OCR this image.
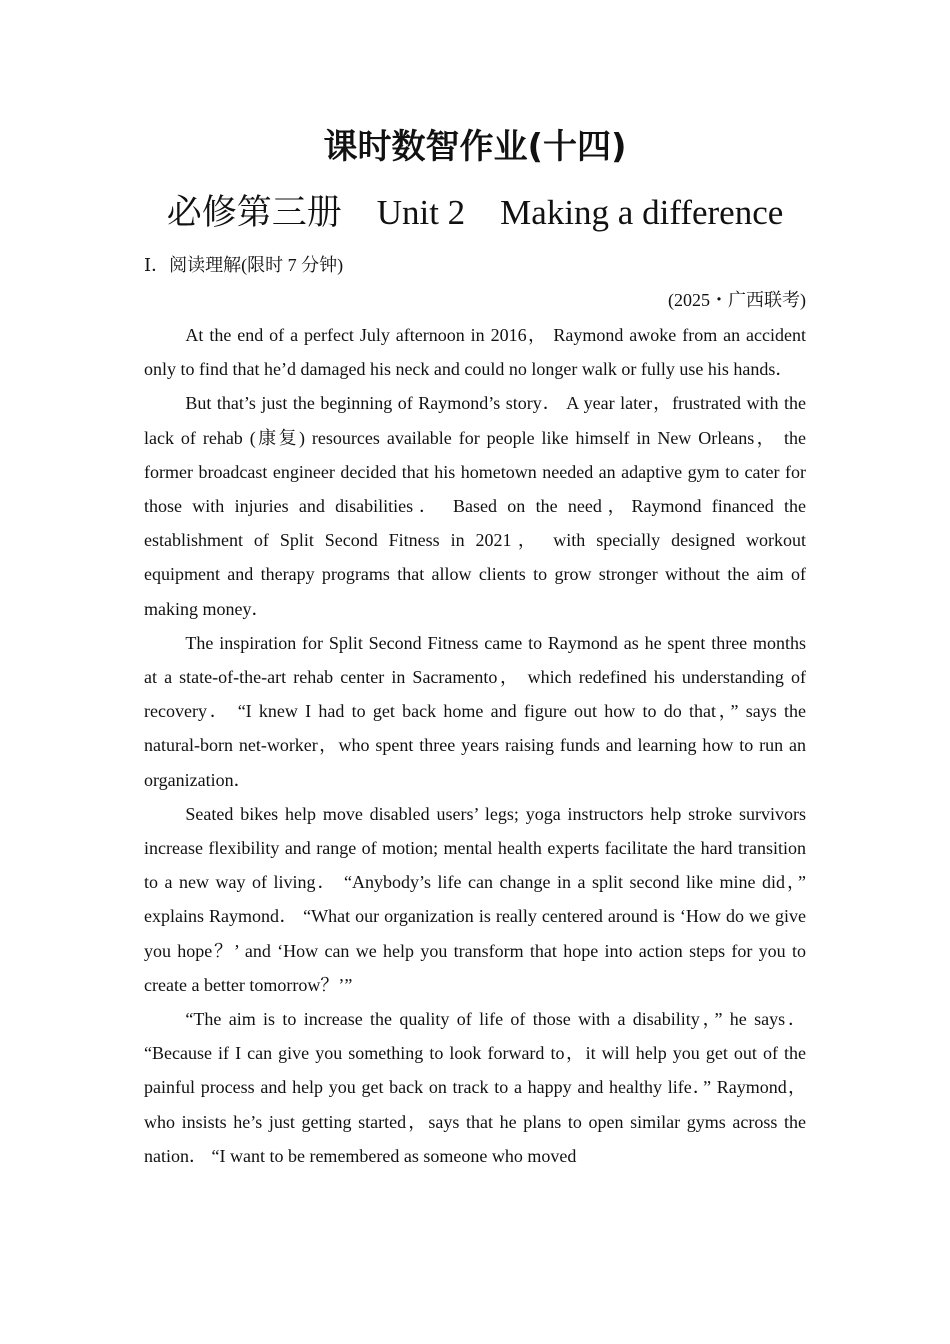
课时数智作业(十四)
必修第三册    Unit 2    Making a difference
Ⅰ．阅读理解(限时 7 分钟)
(2025・广西联考)

At the end of a perfect July afternoon in 2016， Raymond awoke from an accident only to find that he’d damaged his neck and could no longer walk or fully use his hands．

But that’s just the beginning of Raymond’s story． A year later，frustrated with the lack of rehab (康复) resources available for people like himself in New Orleans， the former broadcast engineer decided that his hometown needed an adaptive gym to cater for those with injuries and disabilities． Based on the need，Raymond financed the establishment of Split Second Fitness in 2021， with specially designed workout equipment and therapy programs that allow clients to grow stronger without the aim of making money．

The inspiration for Split Second Fitness came to Raymond as he spent three months at a state-of-the-art rehab center in Sacramento， which redefined his understanding of recovery． “I knew I had to get back home and figure out how to do that，” says the natural-born net-worker，who spent three years raising funds and learning how to run an organization．

Seated bikes help move disabled users’ legs; yoga instructors help stroke survivors increase flexibility and range of motion; mental health experts facilitate the hard transition to a new way of living． “Anybody’s life can change in a split second like mine did，” explains Raymond． “What our organization is really centered around is ‘How do we give you hope？’ and ‘How can we help you transform that hope into action steps for you to create a better tomorrow？’”

“The aim is to increase the quality of life of those with a disability，” he says． “Because if I can give you something to look forward to，it will help you get out of the painful process and help you get back on track to a happy and healthy life．” Raymond，who insists he’s just getting started，says that he plans to open similar gyms across the nation． “I want to be remembered as someone who moved
